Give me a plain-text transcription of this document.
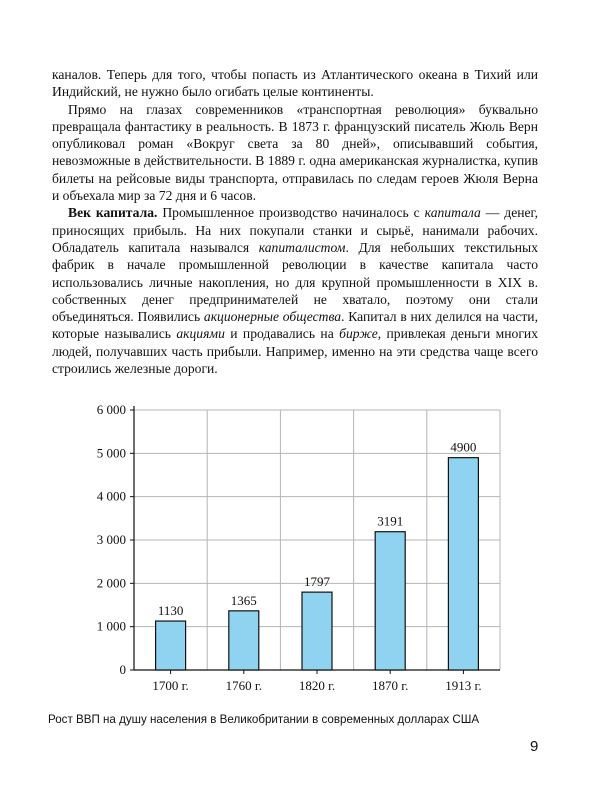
каналов. Теперь для того, чтобы попасть из Атлантического океана в Тихий или Индийский, не нужно было огибать целые континенты.

Прямо на глазах современников «транспортная революция» буквально превращала фантастику в реальность. В 1873 г. французский писатель Жюль Верн опубликовал роман «Вокруг света за 80 дней», описывавший события, невозможные в действительности. В 1889 г. одна американская журналистка, купив билеты на рейсовые виды транспорта, отправилась по следам героев Жюля Верна и объехала мир за 72 дня и 6 часов.

Век капитала. Промышленное производство начиналось с капитала — денег, приносящих прибыль. На них покупали станки и сырьё, нанимали рабочих. Обладатель капитала назывался капиталистом. Для небольших текстильных фабрик в начале промышленной революции в качестве капитала часто использовались личные накопления, но для крупной промышленности в XIX в. собственных денег предпринимателей не хватало, поэтому они стали объединяться. Появились акционерные общества. Капитал в них делился на части, которые назывались акциями и продавались на бирже, привлекая деньги многих людей, получавших часть прибыли. Например, именно на эти средства чаще всего строились железные дороги.

0
1 000
2 000
3 000
4 000
5 000
6 000
1130
1700 г.
1365
1760 г.
1797
1820 г.
3191
1870 г.
4900
1913 г.
Рост ВВП на душу населения в Великобритании в современных долларах США
9
